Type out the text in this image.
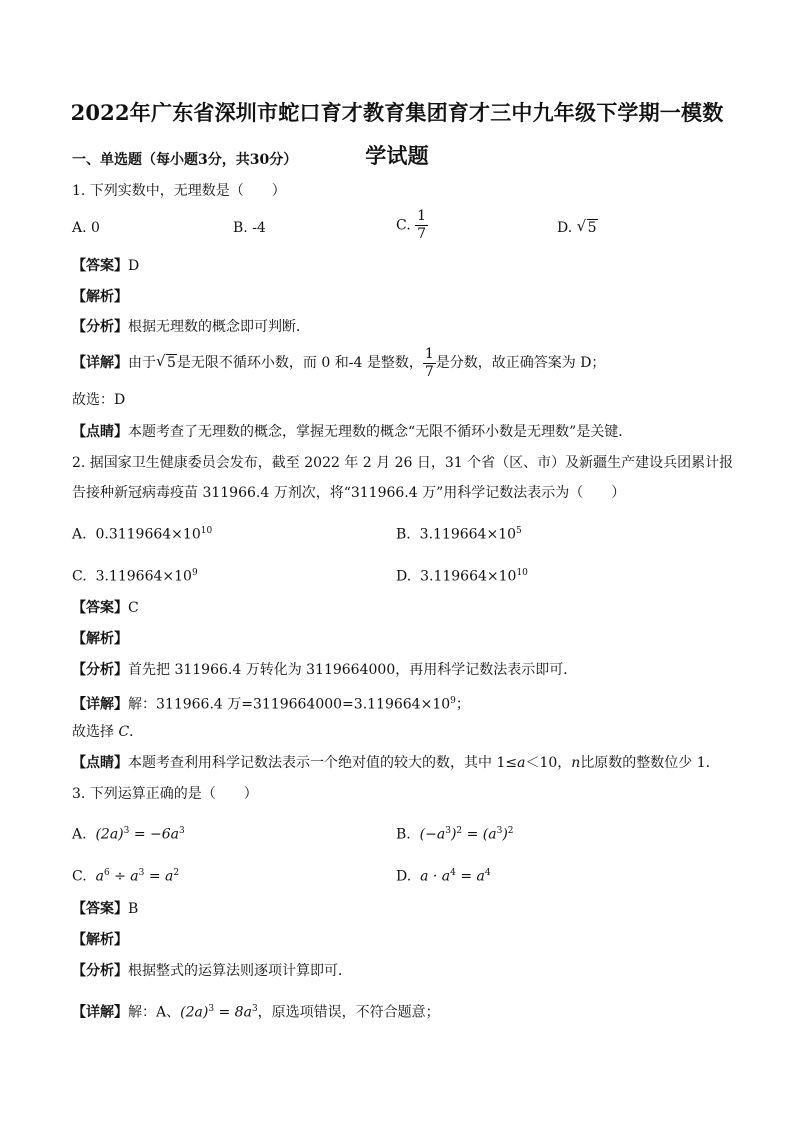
2022年广东省深圳市蛇口育才教育集团育才三中九年级下学期一模数
学试题
一、单选题（每小题3分，共30分）
1. 下列实数中，无理数是（　　）
A. 0	B. -4	C. $\frac{1}{7}$	D. √ 5
【答案】D
【解析】
【分析】根据无理数的概念即可判断．
【详解】由于 √ 5是无限不循环小数，而 0 和-4 是整数， $\frac{1}{7}$ 是分数，故正确答案为 D；
故选：D
【点睛】本题考查了无理数的概念，掌握无理数的概念“无限不循环小数是无理数”是关键．
2. 据国家卫生健康委员会发布，截至 2022 年 2 月 26 日，31 个省（区、市）及新疆生产建设兵团累计报
告接种新冠病毒疫苗 311966.4 万剂次，将“311966.4 万”用科学记数法表示为（　　）
A. $0.3119664\times 10^{10}$	B. $3.119664\times 10^5$
C. $3.119664\times 10^9$	D. $3.119664\times 10^{10}$
【答案】C
【解析】
【分析】首先把 311966.4 万转化为 3119664000，再用科学记数法表示即可．
【详解】解：311966.4 万$=3119664000=3.119664\times 10^9$；
故选择 C．
【点睛】本题考查利用科学记数法表示一个绝对值的较大的数，其中 1≤a＜10，n比原数的整数位少 1．
3. 下列运算正确的是（　　）
A. $(2a)^3 = -6a^3$	B. $(-a^3)^2 = (a^3)^2$
C. $a^6 \div a^3 = a^2$	D. $a \cdot a^4 = a^4$
【答案】B
【解析】
【分析】根据整式的运算法则逐项计算即可．
【详解】解：A、$(2a)^3 = 8a^3$，原选项错误，不符合题意；
